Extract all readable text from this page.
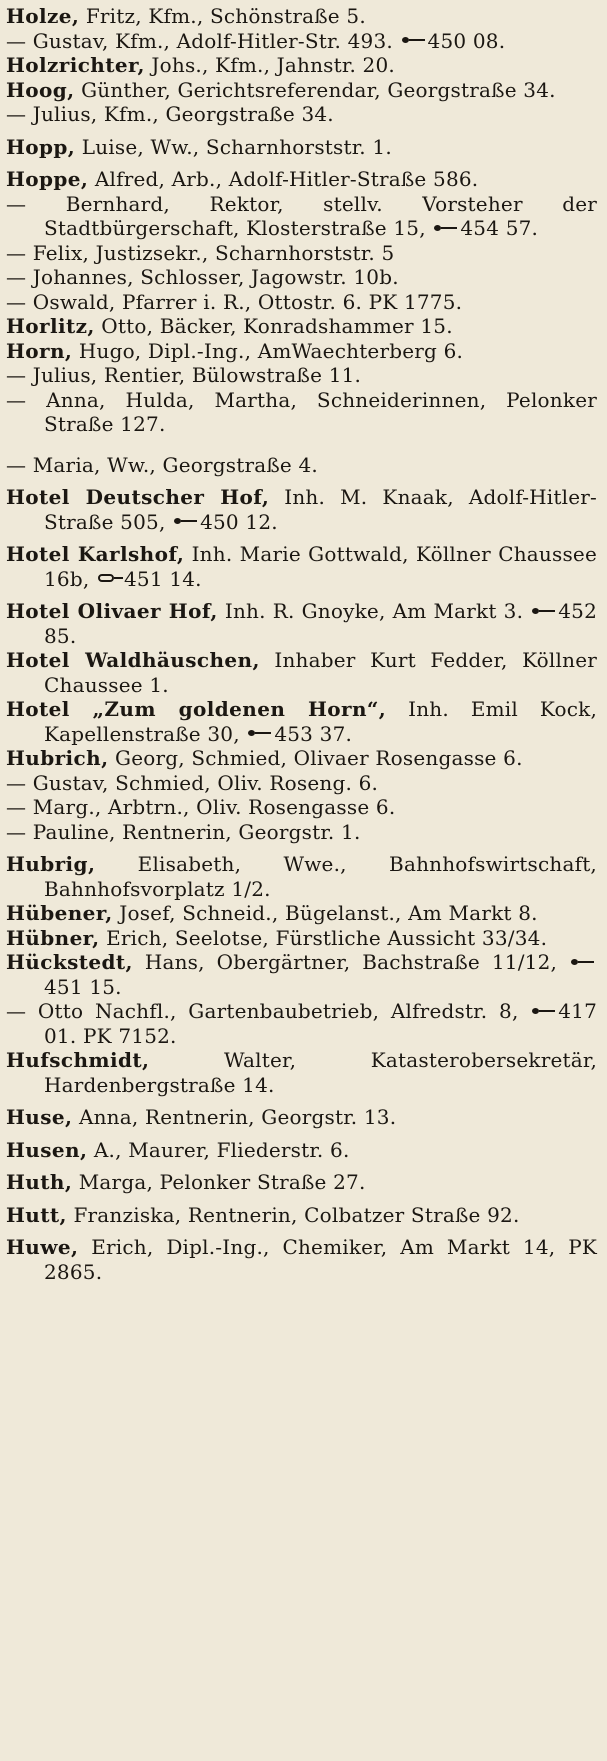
Holze, Fritz, Kfm., Schönstraße 5.

— Gustav, Kfm., Adolf-Hitler-Str. 493. 450 08.

Holzrichter, Johs., Kfm., Jahnstr. 20.

Hoog, Günther, Gerichtsreferendar, Georgstraße 34.

— Julius, Kfm., Georgstraße 34.

Hopp, Luise, Ww., Scharnhorststr. 1.

Hoppe, Alfred, Arb., Adolf-Hitler-Straße 586.

— Bernhard, Rektor, stellv. Vorsteher der Stadtbürgerschaft, Klosterstraße 15, 454 57.

— Felix, Justizsekr., Scharnhorststr. 5

— Johannes, Schlosser, Jagowstr. 10b.

— Oswald, Pfarrer i. R., Ottostr. 6. PK 1775.

Horlitz, Otto, Bäcker, Konradshammer 15.

Horn, Hugo, Dipl.-Ing., AmWaechterberg 6.

— Julius, Rentier, Bülowstraße 11.

— Anna, Hulda, Martha, Schneiderinnen, Pelonker Straße 127.

— Maria, Ww., Georgstraße 4.

Hotel Deutscher Hof, Inh. M. Knaak, Adolf-Hitler-Straße 505, 450 12.

Hotel Karlshof, Inh. Marie Gottwald, Köllner Chaussee 16b, 451 14.

Hotel Olivaer Hof, Inh. R. Gnoyke, Am Markt 3. 452 85.

Hotel Waldhäuschen, Inhaber Kurt Fedder, Köllner Chaussee 1.

Hotel „Zum goldenen Horn“, Inh. Emil Kock, Kapellenstraße 30, 453 37.

Hubrich, Georg, Schmied, Olivaer Rosengasse 6.

— Gustav, Schmied, Oliv. Roseng. 6.

— Marg., Arbtrn., Oliv. Rosengasse 6.

— Pauline, Rentnerin, Georgstr. 1.

Hubrig, Elisabeth, Wwe., Bahnhofswirtschaft, Bahnhofsvorplatz 1/2.

Hübener, Josef, Schneid., Bügelanst., Am Markt 8.

Hübner, Erich, Seelotse, Fürstliche Aussicht 33/34.

Hückstedt, Hans, Obergärtner, Bachstraße 11/12, 451 15.

— Otto Nachfl., Gartenbaubetrieb, Alfredstr. 8, 417 01. PK 7152.

Hufschmidt,	Walter, Katasterobersekretär, Hardenbergstraße 14.

Huse, Anna, Rentnerin, Georgstr. 13.

Husen, A., Maurer, Fliederstr. 6.

Huth, Marga, Pelonker Straße 27.

Hutt, Franziska, Rentnerin, Colbatzer Straße 92.

Huwe, Erich, Dipl.-Ing., Chemiker, Am Markt 14, PK 2865.
